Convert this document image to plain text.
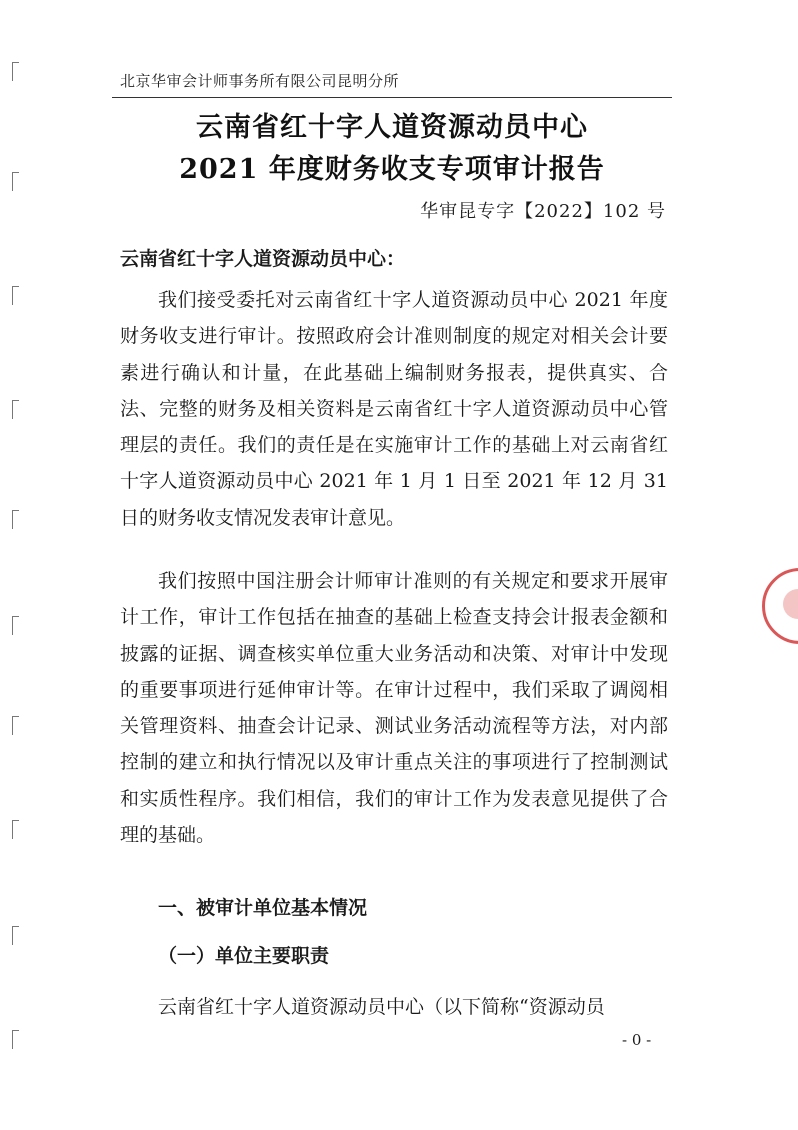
北京华审会计师事务所有限公司昆明分所
云南省红十字人道资源动员中心
2021 年度财务收支专项审计报告
华审昆专字【2022】102 号
云南省红十字人道资源动员中心：

我们接受委托对云南省红十字人道资源动员中心 2021 年度财务收支进行审计。按照政府会计准则制度的规定对相关会计要素进行确认和计量，在此基础上编制财务报表，提供真实、合法、完整的财务及相关资料是云南省红十字人道资源动员中心管理层的责任。我们的责任是在实施审计工作的基础上对云南省红十字人道资源动员中心 2021 年 1 月 1 日至 2021 年 12 月 31 日的财务收支情况发表审计意见。

我们按照中国注册会计师审计准则的有关规定和要求开展审计工作，审计工作包括在抽查的基础上检查支持会计报表金额和披露的证据、调查核实单位重大业务活动和决策、对审计中发现的重要事项进行延伸审计等。在审计过程中，我们采取了调阅相关管理资料、抽查会计记录、测试业务活动流程等方法，对内部控制的建立和执行情况以及审计重点关注的事项进行了控制测试和实质性程序。我们相信，我们的审计工作为发表意见提供了合理的基础。

一、被审计单位基本情况
（一）单位主要职责

云南省红十字人道资源动员中心（以下简称“资源动员

- 0 -
